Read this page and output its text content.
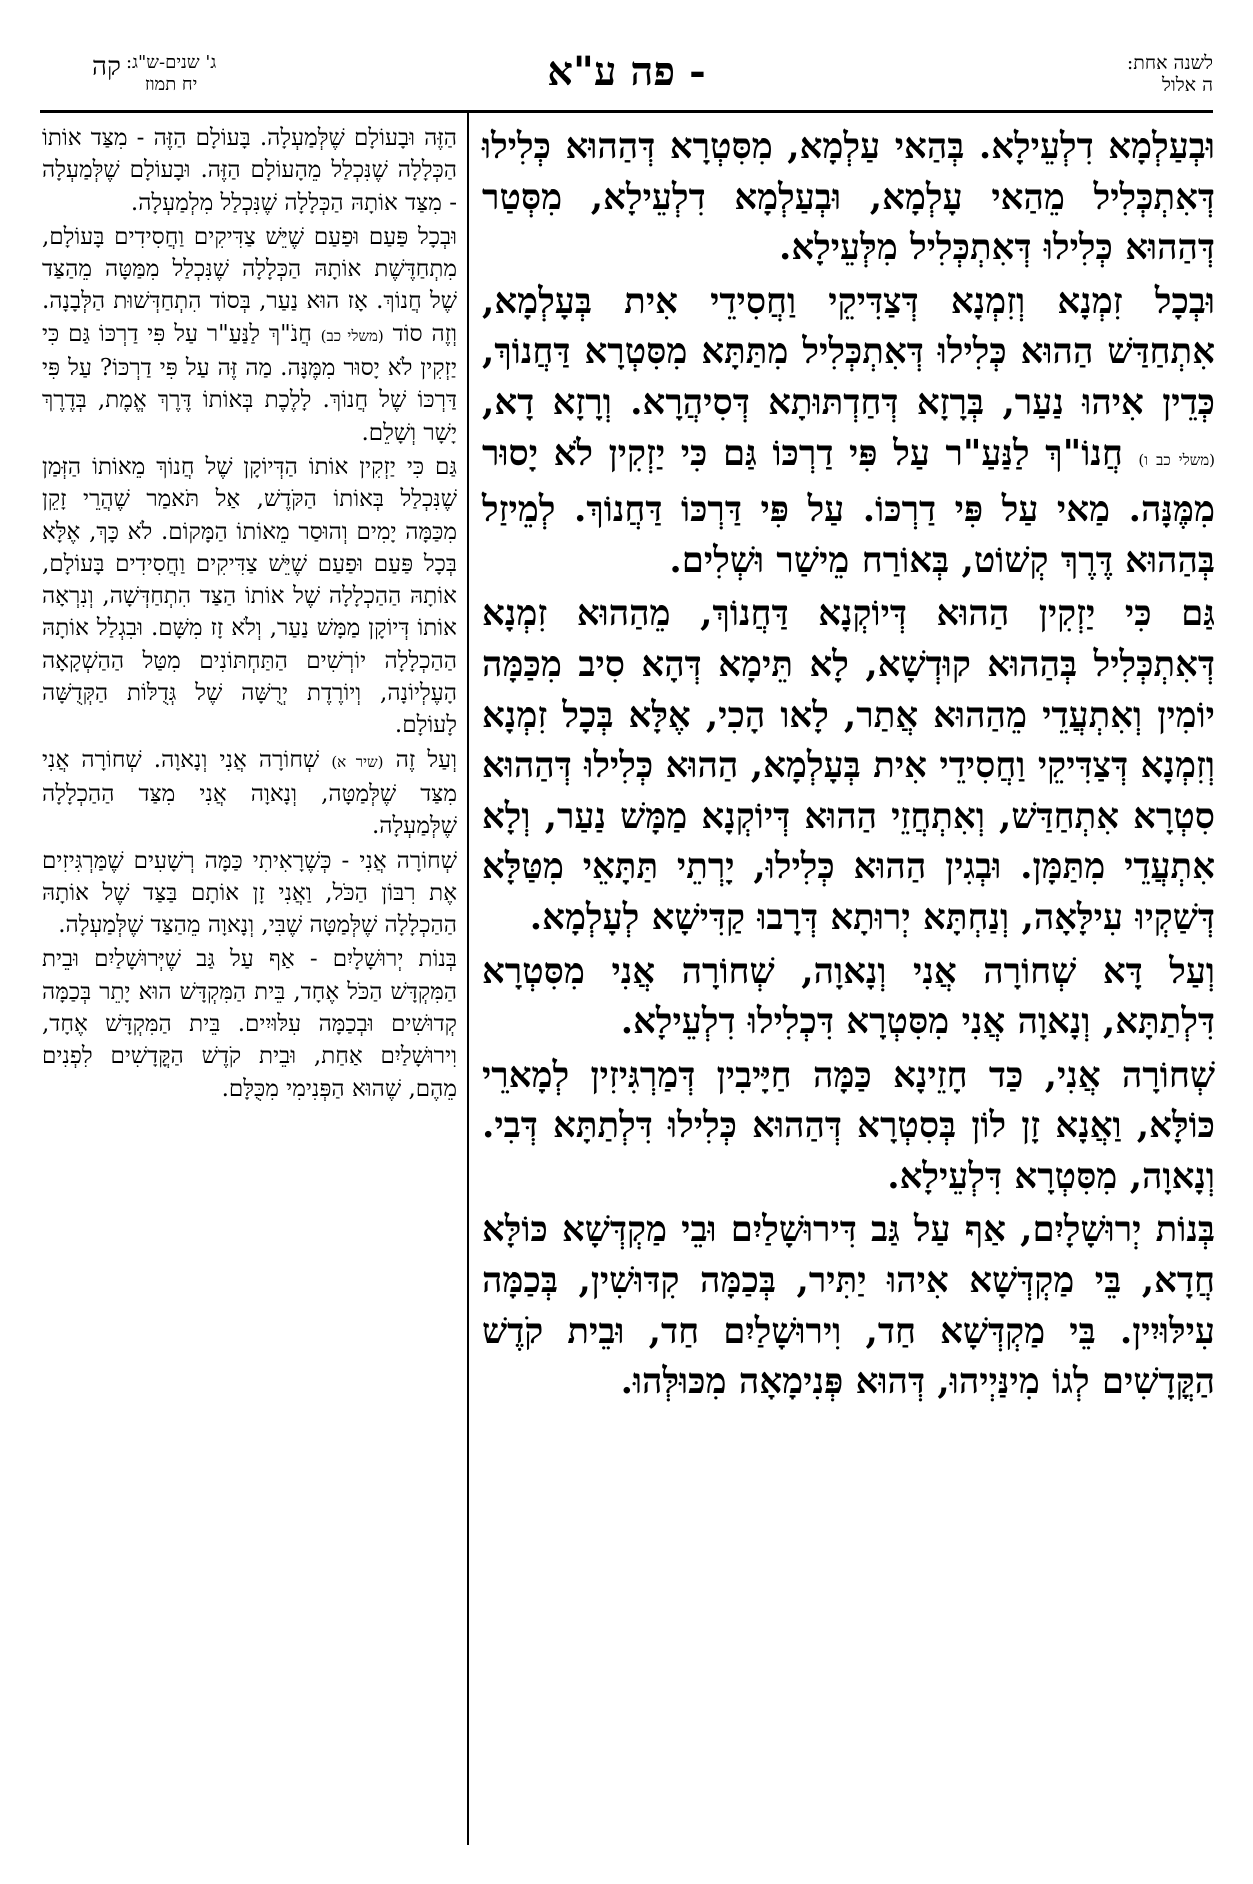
לשנה אחת:
ה אלול
- פה ע"א
ג' שנים-ש"ג:
יח תמוז
קה

וּבְעַלְמָא דִלְעֵילָא. בְּהַאי עַלְמָא, מִסִּטְרָא דְּהַהוּא כְּלִילוּ דְּאִתְכְּלִיל מֵהַאי עָלְמָא, וּבְעַלְמָא דִלְעֵילָא, מִסְּטַר דְּהַהוּא כְּלִילוּ דְּאִתְכְּלִיל מִלְּעֵילָא.

וּבְכָל זִמְנָא וְזִמְנָא דְּצַדִּיקֵי וַחֲסִידֵי אִית בְּעָלְמָא, אִתְחַדַּשׁ הַהוּא כְּלִילוּ דְּאִתְכְּלִיל מִתַּתָּא מִסִּטְרָא דַּחֲנוֹךְ, כְּדֵין אִיהוּ נַעַר, בְּרָזָא דְּחַדְתּוּתָא דְּסִיהֲרָא. וְרָזָא דָא, (משלי כב ו) חֲנוֹ"ךְ לַנַּעַ"ר עַל פִּי דַרְכּוֹ גַּם כִּי יַזְקִין לֹא יָסוּר מִמֶּנָּה. מַאי עַל פִּי דַרְכּוֹ. עַל פִּי דַּרְכּוֹ דַּחֲנוֹךְ. לְמֵיזַל בְּהַהוּא דֶּרֶךְ קְשׁוֹט, בְּאוֹרַח מֵישַׁר וּשְׁלִים.

גַּם כִּי יַזְקִין הַהוּא דְּיוֹקְנָא דַּחֲנוֹךְ, מֵהַהוּא זִמְנָא דְּאִתְכְּלִיל בְּהַהוּא קוּדְשָׁא, לָא תֵּימָא דְּהָא סִיב מִכַּמָּה יוֹמִין וְאִתְעֲדֵי מֵהַהוּא אֲתַר, לָאו הָכִי, אֶלָּא בְּכָל זִמְנָא וְזִמְנָא דְּצַדִּיקֵי וַחֲסִידֵי אִית בְּעָלְמָא, הַהוּא כְּלִילוּ דְּהַהוּא סִטְרָא אִתְחַדַּשׁ, וְאִתְחֲזֵי הַהוּא דְּיוֹקְנָא מַמָּשׁ נַעַר, וְלָא אִתְעֲדֵי מִתַּמָּן. וּבְגִין הַהוּא כְּלִילוּ, יָרְתֵי תַּתָּאֵי מִטַּלָּא דְּשַׁקְיוּ עִילָּאָה, וְנַחְתָּא יְרוּתָא דְּרָבוּ קַדִּישָׁא לְעָלְמָא.

וְעַל דָּא שְׁחוֹרָה אֲנִי וְנָאוָה, שְׁחוֹרָה אֲנִי מִסִּטְרָא דִּלְתַתָּא, וְנָאוָה אֲנִי מִסִּטְרָא דִּכְלִילוּ דִלְעֵילָא.

שְׁחוֹרָה אֲנִי, כַּד חָזֵינָא כַּמָּה חַיָּיבִין דְּמַרְגִּיזִין לְמָארֵי כּוֹלָּא, וַאֲנָא זָן לוֹן בְּסִטְרָא דְּהַהוּא כְּלִילוּ דִּלְתַתָּא דְּבִי. וְנָאוָה, מִסִּטְרָא דִּלְעֵילָא.

בְּנוֹת יְרוּשָׁלָיִם, אַף עַל גַּב דִּירוּשָׁלַיִם וּבֵי מַקְדְּשָׁא כּוֹלָּא חֲדָא, בֵּי מַקְדְּשָׁא אִיהוּ יַתִּיר, בְּכַמָּה קִדּוּשִׁין, בְּכַמָּה עִילּוּיִין. בֵּי מַקְדְּשָׁא חַד, וִירוּשָׁלַיִם חַד, וּבֵית קֹדֶשׁ הַקֳּדָשִׁים לְגוֹ מִינַּיְיהוּ, דְּהוּא פְּנִימָאָה מִכּוּלְּהוּ.

הַזֶּה וּבָעוֹלָם שֶׁלְּמַעְלָה. בָּעוֹלָם הַזֶּה - מִצַּד אוֹתוֹ הַכְּלָלָה שֶׁנִּכְלַל מֵהָעוֹלָם הַזֶּה. וּבָעוֹלָם שֶׁלְּמַעְלָה - מִצַּד אוֹתָהּ הַכְּלָלָה שֶׁנִּכְלַל מִלְמַעְלָה.

וּבְכָל פַּעַם וּפַעַם שֶׁיֵּשׁ צַדִּיקִים וַחֲסִידִים בָּעוֹלָם, מִתְחַדֶּשֶׁת אוֹתָהּ הַכְּלָלָה שֶׁנִּכְלַל מִמַּטָּה מֵהַצַּד שֶׁל חֲנוֹךְ. אָז הוּא נַעַר, בְּסוֹד הִתְחַדְּשׁוּת הַלְּבָנָה. וְזֶה סוֹד (משלי כב) חֲנֹ"ךְ לַנַּעַ"ר עַל פִּי דַרְכּוֹ גַּם כִּי יַזְקִין לֹא יָסוּר מִמֶּנָּה. מַה זֶּה עַל פִּי דַרְכּוֹ? עַל פִּי דַּרְכּוֹ שֶׁל חֲנוֹךְ. לָלֶכֶת בְּאוֹתוֹ דֶּרֶךְ אֱמֶת, בְּדֶרֶךְ יָשָׁר וְשָׁלֵם.

גַּם כִּי יַזְקִין אוֹתוֹ הַדְּיוֹקָן שֶׁל חֲנוֹךְ מֵאוֹתוֹ הַזְּמַן שֶׁנִּכְלַל בְּאוֹתוֹ הַקֹּדֶשׁ, אַל תֹּאמַר שֶׁהֲרֵי זָקֵן מִכַּמָּה יָמִים וְהוּסַר מֵאוֹתוֹ הַמָּקוֹם. לֹא כָּךְ, אֶלָּא בְּכָל פַּעַם וּפַעַם שֶׁיֵּשׁ צַדִּיקִים וַחֲסִידִים בָּעוֹלָם, אוֹתָהּ הַהַכְלָלָה שֶׁל אוֹתוֹ הַצַּד הִתְחַדְּשָׁה, וְנִרְאָה אוֹתוֹ דְּיוֹקָן מַמָּשׁ נַעַר, וְלֹא זָז מִשָּׁם. וּבִגְלַל אוֹתָהּ הַהַכְלָלָה יוֹרְשִׁים הַתַּחְתּוֹנִים מִטַּל הַהַשְׁקָאָה הָעֶלְיוֹנָה, וְיוֹרֶדֶת יְרֻשָּׁה שֶׁל גְּדֻלּוֹת הַקְּדֻשָּׁה לָעוֹלָם.

וְעַל זֶה (שיר א) שְׁחוֹרָה אֲנִי וְנָאוָה. שְׁחוֹרָה אֲנִי מִצַּד שֶׁלְּמַטָּה, וְנָאוָה אֲנִי מִצַּד הַהַכְלָלָה שֶׁלְּמַעְלָה.

שְׁחוֹרָה אֲנִי - כְּשֶׁרָאִיתִי כַּמָּה רְשָׁעִים שֶׁמַּרְגִּיזִים אֶת רִבּוֹן הַכֹּל, וַאֲנִי זָן אוֹתָם בַּצַּד שֶׁל אוֹתָהּ הַהַכְלָלָה שֶׁלְּמַטָּה שֶׁבִּי, וְנָאוָה מֵהַצַּד שֶׁלְּמַעְלָה.

בְּנוֹת יְרוּשָׁלָיִם - אַף עַל גַּב שֶׁיְּרוּשָׁלַיִם וּבֵית הַמִּקְדָּשׁ הַכֹּל אֶחָד, בֵּית הַמִּקְדָּשׁ הוּא יָתֵר בְּכַמָּה קְדוּשִׁים וּבְכַמָּה עִלּוּיִים. בֵּית הַמִּקְדָּשׁ אֶחָד, וִירוּשָׁלַיִם אַחַת, וּבֵית קֹדֶשׁ הַקֳּדָשִׁים לִפְנִים מֵהֶם, שֶׁהוּא הַפְּנִימִי מִכֻּלָּם.
